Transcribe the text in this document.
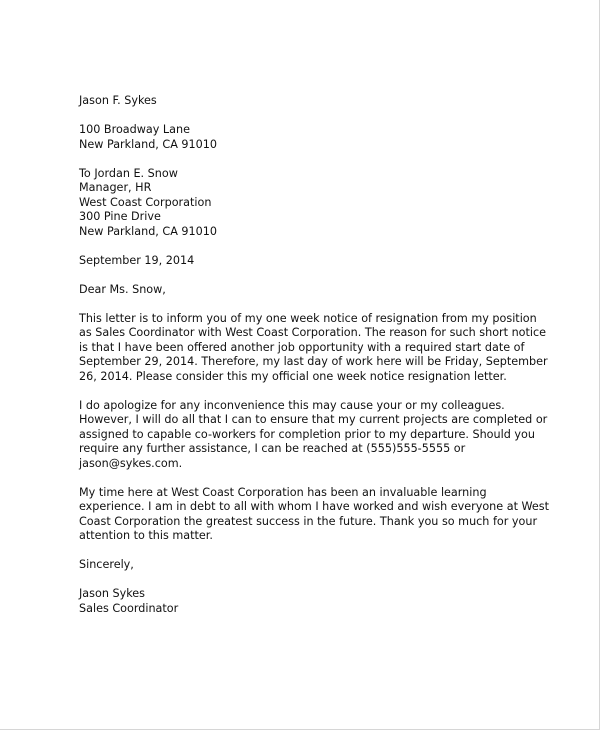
Jason F. Sykes
100 Broadway Lane
New Parkland, CA 91010
To Jordan E. Snow
Manager, HR
West Coast Corporation
300 Pine Drive
New Parkland, CA 91010
September 19, 2014
Dear Ms. Snow,
This letter is to inform you of my one week notice of resignation from my position
as Sales Coordinator with West Coast Corporation. The reason for such short notice
is that I have been offered another job opportunity with a required start date of
September 29, 2014. Therefore, my last day of work here will be Friday, September
26, 2014. Please consider this my official one week notice resignation letter.
I do apologize for any inconvenience this may cause your or my colleagues.
However, I will do all that I can to ensure that my current projects are completed or
assigned to capable co-workers for completion prior to my departure. Should you
require any further assistance, I can be reached at (555)555-5555 or
jason@sykes.com.
My time here at West Coast Corporation has been an invaluable learning
experience. I am in debt to all with whom I have worked and wish everyone at West
Coast Corporation the greatest success in the future. Thank you so much for your
attention to this matter.
Sincerely,
Jason Sykes
Sales Coordinator
